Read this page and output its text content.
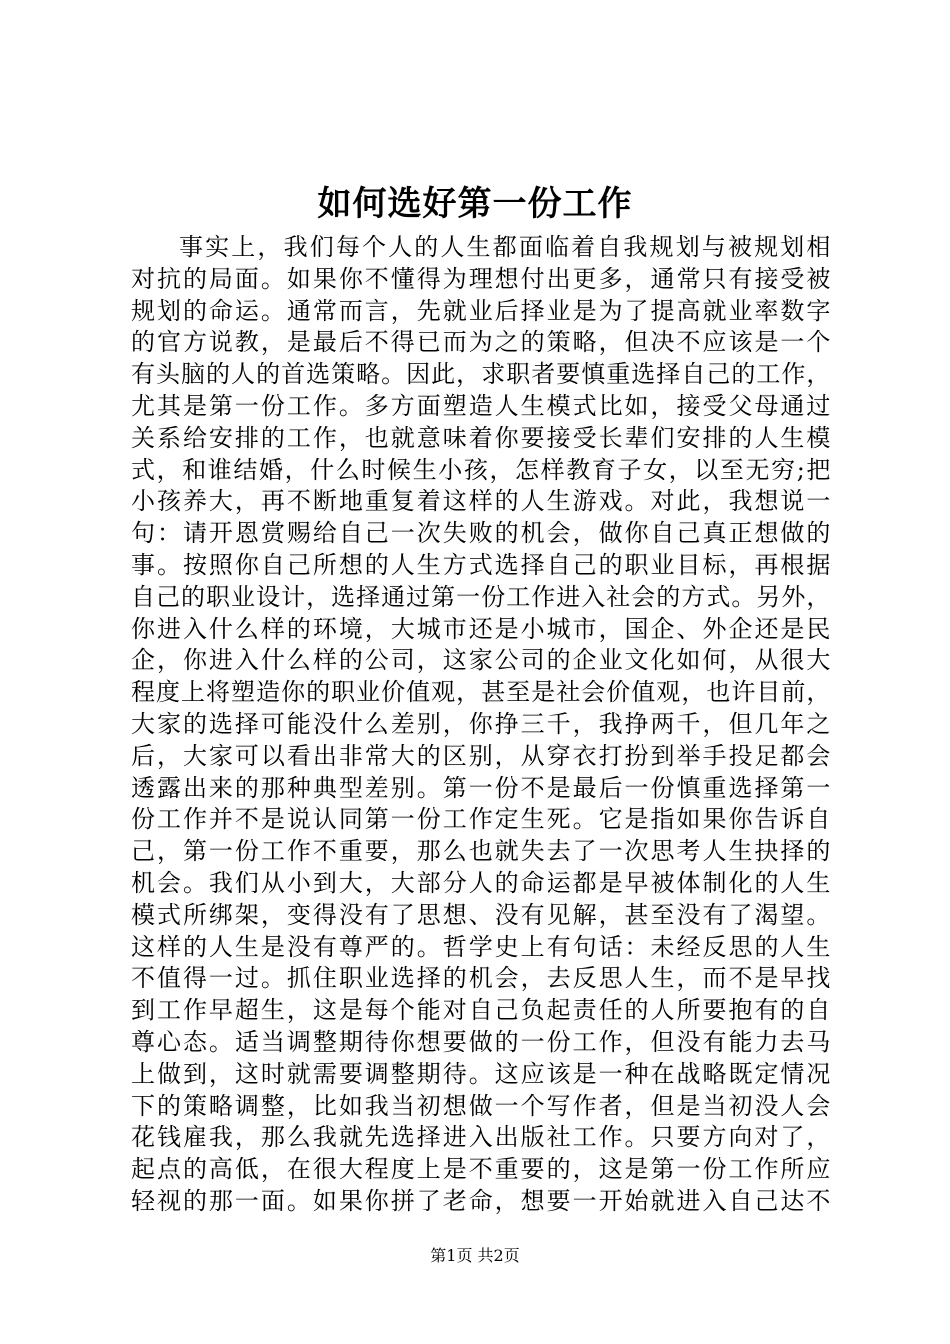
如何选好第一份工作
事实上，我们每个人的人生都面临着自我规划与被规划相
对抗的局面。如果你不懂得为理想付出更多，通常只有接受被
规划的命运。通常而言，先就业后择业是为了提高就业率数字
的官方说教，是最后不得已而为之的策略，但决不应该是一个
有头脑的人的首选策略。因此，求职者要慎重选择自己的工作，
尤其是第一份工作。多方面塑造人生模式比如，接受父母通过
关系给安排的工作，也就意味着你要接受长辈们安排的人生模
式，和谁结婚，什么时候生小孩，怎样教育子女，以至无穷;把
小孩养大，再不断地重复着这样的人生游戏。对此，我想说一
句：请开恩赏赐给自己一次失败的机会，做你自己真正想做的
事。按照你自己所想的人生方式选择自己的职业目标，再根据
自己的职业设计，选择通过第一份工作进入社会的方式。另外，
你进入什么样的环境，大城市还是小城市，国企、外企还是民
企，你进入什么样的公司，这家公司的企业文化如何，从很大
程度上将塑造你的职业价值观，甚至是社会价值观，也许目前，
大家的选择可能没什么差别，你挣三千，我挣两千，但几年之
后，大家可以看出非常大的区别，从穿衣打扮到举手投足都会
透露出来的那种典型差别。第一份不是最后一份慎重选择第一
份工作并不是说认同第一份工作定生死。它是指如果你告诉自
己，第一份工作不重要，那么也就失去了一次思考人生抉择的
机会。我们从小到大，大部分人的命运都是早被体制化的人生
模式所绑架，变得没有了思想、没有见解，甚至没有了渴望。
这样的人生是没有尊严的。哲学史上有句话：未经反思的人生
不值得一过。抓住职业选择的机会，去反思人生，而不是早找
到工作早超生，这是每个能对自己负起责任的人所要抱有的自
尊心态。适当调整期待你想要做的一份工作，但没有能力去马
上做到，这时就需要调整期待。这应该是一种在战略既定情况
下的策略调整，比如我当初想做一个写作者，但是当初没人会
花钱雇我，那么我就先选择进入出版社工作。只要方向对了，
起点的高低，在很大程度上是不重要的，这是第一份工作所应
轻视的那一面。如果你拼了老命，想要一开始就进入自己达不
第1页 共2页
